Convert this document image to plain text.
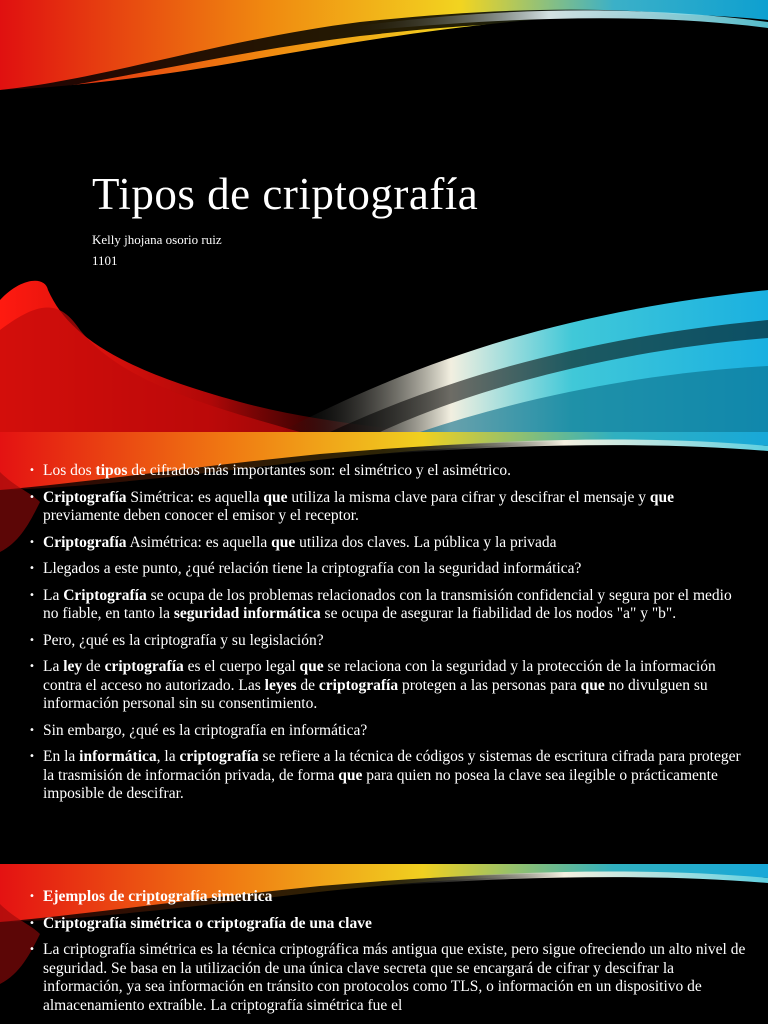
Tipos de criptografía
Kelly jhojana osorio ruiz
1101
• Los dos tipos de cifrados más importantes son: el simétrico y el asimétrico.
• Criptografía Simétrica: es aquella que utiliza la misma clave para cifrar y descifrar el mensaje y que previamente deben conocer el emisor y el receptor.
• Criptografía Asimétrica: es aquella que utiliza dos claves. La pública y la privada
• Llegados a este punto, ¿qué relación tiene la criptografía con la seguridad informática?
• La Criptografía se ocupa de los problemas relacionados con la transmisión confidencial y segura por el medio no fiable, en tanto la seguridad informática se ocupa de asegurar la fiabilidad de los nodos "a" y "b".
• Pero, ¿qué es la criptografía y su legislación?
• La ley de criptografía es el cuerpo legal que se relaciona con la seguridad y la protección de la información contra el acceso no autorizado. Las leyes de criptografía protegen a las personas para que no divulguen su información personal sin su consentimiento.
• Sin embargo, ¿qué es la criptografía en informática?
• En la informática, la criptografía se refiere a la técnica de códigos y sistemas de escritura cifrada para proteger la trasmisión de información privada, de forma que para quien no posea la clave sea ilegible o prácticamente imposible de descifrar.
• Ejemplos de criptografía simetrica
• Criptografía simétrica o criptografía de una clave
• La criptografía simétrica es la técnica criptográfica más antigua que existe, pero sigue ofreciendo un alto nivel de seguridad. Se basa en la utilización de una única clave secreta que se encargará de cifrar y descifrar la información, ya sea información en tránsito con protocolos como TLS, o información en un dispositivo de almacenamiento extraíble. La criptografía simétrica fue el
